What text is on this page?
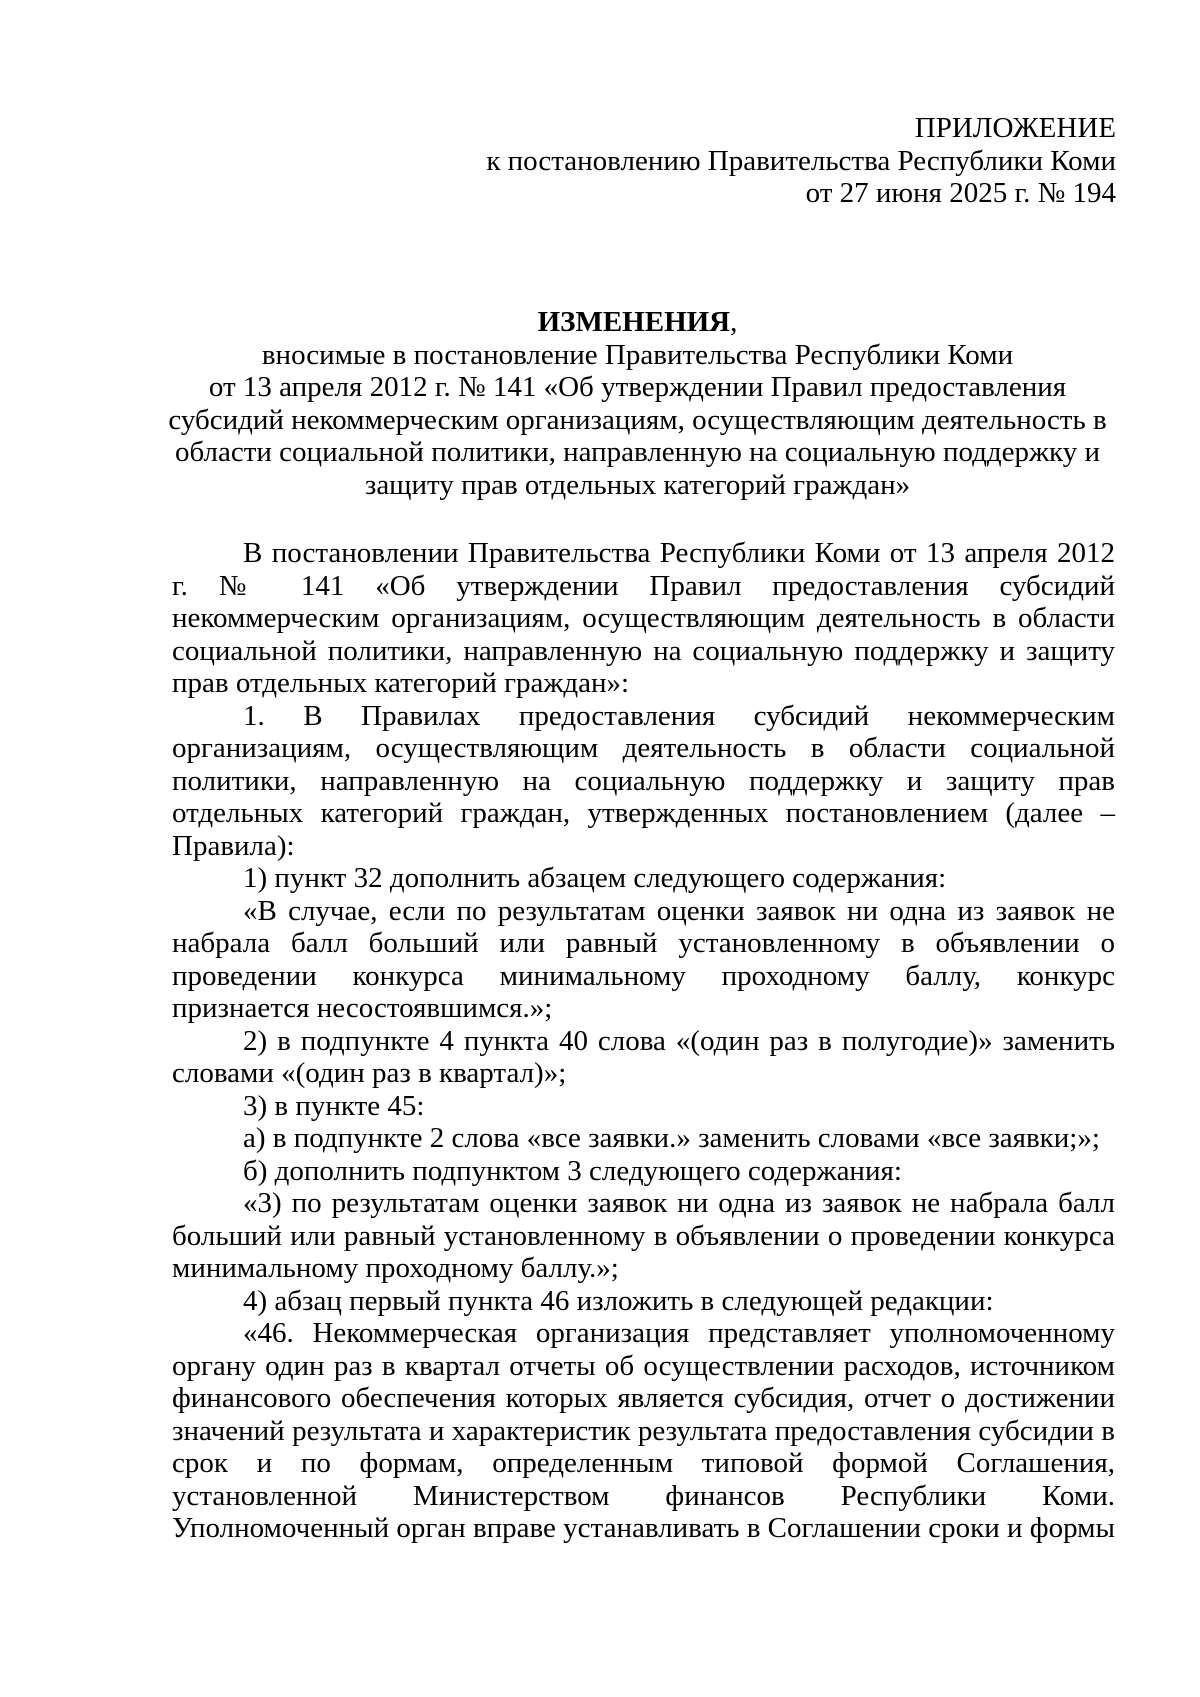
ПРИЛОЖЕНИЕ
к постановлению Правительства Республики Коми
от 27 июня 2025 г. № 194
ИЗМЕНЕНИЯ,
вносимые в постановление Правительства Республики Коми
от 13 апреля 2012 г. № 141 «Об утверждении Правил предоставления
субсидий некоммерческим организациям, осуществляющим деятельность в
области социальной политики, направленную на социальную поддержку и
защиту прав отдельных категорий граждан»

В постановлении Правительства Республики Коми от 13 апреля 2012 г. № 141 «Об утверждении Правил предоставления субсидий некоммерческим организациям, осуществляющим деятельность в области социальной политики, направленную на социальную поддержку и защиту прав отдельных категорий граждан»:

1. В Правилах предоставления субсидий некоммерческим организациям, осуществляющим деятельность в области социальной политики, направленную на социальную поддержку и защиту прав отдельных категорий граждан, утвержденных постановлением (далее – Правила):

1) пункт 32 дополнить абзацем следующего содержания:

«В случае, если по результатам оценки заявок ни одна из заявок не набрала балл больший или равный установленному в объявлении о проведении конкурса минимальному проходному баллу, конкурс признается несостоявшимся.»;

2) в подпункте 4 пункта 40 слова «(один раз в полугодие)» заменить словами «(один раз в квартал)»;

3) в пункте 45:

а) в подпункте 2 слова «все заявки.» заменить словами «все заявки;»;

б) дополнить подпунктом 3 следующего содержания:

«3) по результатам оценки заявок ни одна из заявок не набрала балл больший или равный установленному в объявлении о проведении конкурса минимальному проходному баллу.»;

4) абзац первый пункта 46 изложить в следующей редакции:

«46. Некоммерческая организация представляет уполномоченному органу один раз в квартал отчеты об осуществлении расходов, источником финансового обеспечения которых является субсидия, отчет о достижении значений результата и характеристик результата предоставления субсидии в срок и по формам, определенным типовой формой Соглашения, установленной Министерством финансов Республики Коми. Уполномоченный орган вправе устанавливать в Соглашении сроки и формы
